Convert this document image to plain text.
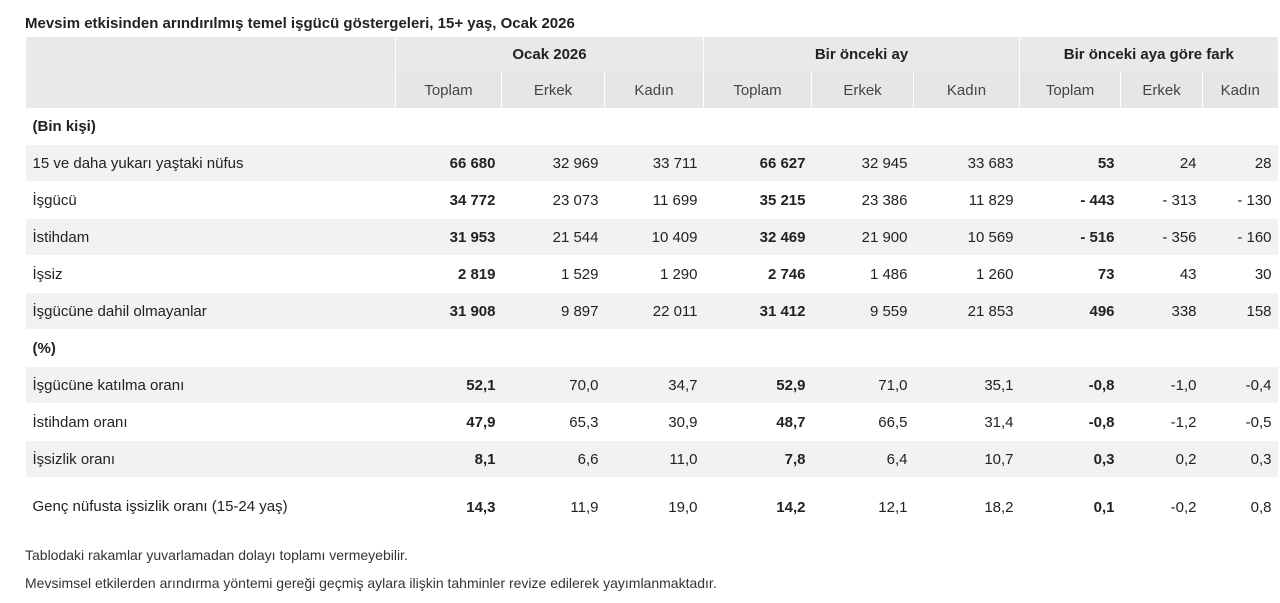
Mevsim etkisinden arındırılmış temel işgücü göstergeleri, 15+ yaş, Ocak 2026

	Ocak 2026			Bir önceki ay			Bir önceki aya göre fark		
	Toplam	Erkek	Kadın	Toplam	Erkek	Kadın	Toplam	Erkek	Kadın
(Bin kişi)									
15 ve daha yukarı yaştaki nüfus	66 680	32 969	33 711	66 627	32 945	33 683	53	24	28
İşgücü	34 772	23 073	11 699	35 215	23 386	11 829	- 443	- 313	- 130
İstihdam	31 953	21 544	10 409	32 469	21 900	10 569	- 516	- 356	- 160
İşsiz	2 819	1 529	1 290	2 746	1 486	1 260	73	43	30
İşgücüne dahil olmayanlar	31 908	9 897	22 011	31 412	9 559	21 853	496	338	158
(%)									
İşgücüne katılma oranı	52,1	70,0	34,7	52,9	71,0	35,1	-0,8	-1,0	-0,4
İstihdam oranı	47,9	65,3	30,9	48,7	66,5	31,4	-0,8	-1,2	-0,5
İşsizlik oranı	8,1	6,6	11,0	7,8	6,4	10,7	0,3	0,2	0,3
Genç nüfusta işsizlik oranı (15-24 yaş)	14,3	11,9	19,0	14,2	12,1	18,2	0,1	-0,2	0,8

Tablodaki rakamlar yuvarlamadan dolayı toplamı vermeyebilir.

Mevsimsel etkilerden arındırma yöntemi gereği geçmiş aylara ilişkin tahminler revize edilerek yayımlanmaktadır.
